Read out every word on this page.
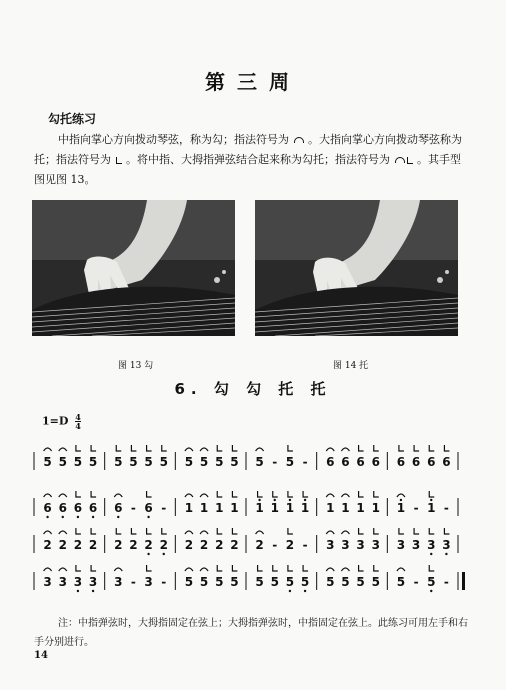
第三周
勾托练习
中指向掌心方向拨动琴弦，称为勾；指法符号为 。大指向掌心方向拨动琴弦称为托；指法符号为 。将中指、大拇指弹弦结合起来称为勾托；指法符号为 。其手型图见图 13。
图 13 勾	图 14 托
6. 勾 勾 托 托
$1=D \frac{4}{4}$
5 5 5 5 5 5 5 5 5 5 5 5 5 - 5 - 6 6 6 6 6 6 6 6
6 6 6 6 6 - 6 - 1 1 1 1 1 1 1 1 1 1 1 1 1 - 1 -
2 2 2 2 2 2 2 2 2 2 2 2 2 - 2 - 3 3 3 3 3 3 3 3
3 3 3 3 3 - 3 - 5 5 5 5 5 5 5 5 5 5 5 5 5 - 5 -
注：中指弹弦时，大拇指固定在弦上；大拇指弹弦时，中指固定在弦上。此练习可用左手和右手分别进行。
14
